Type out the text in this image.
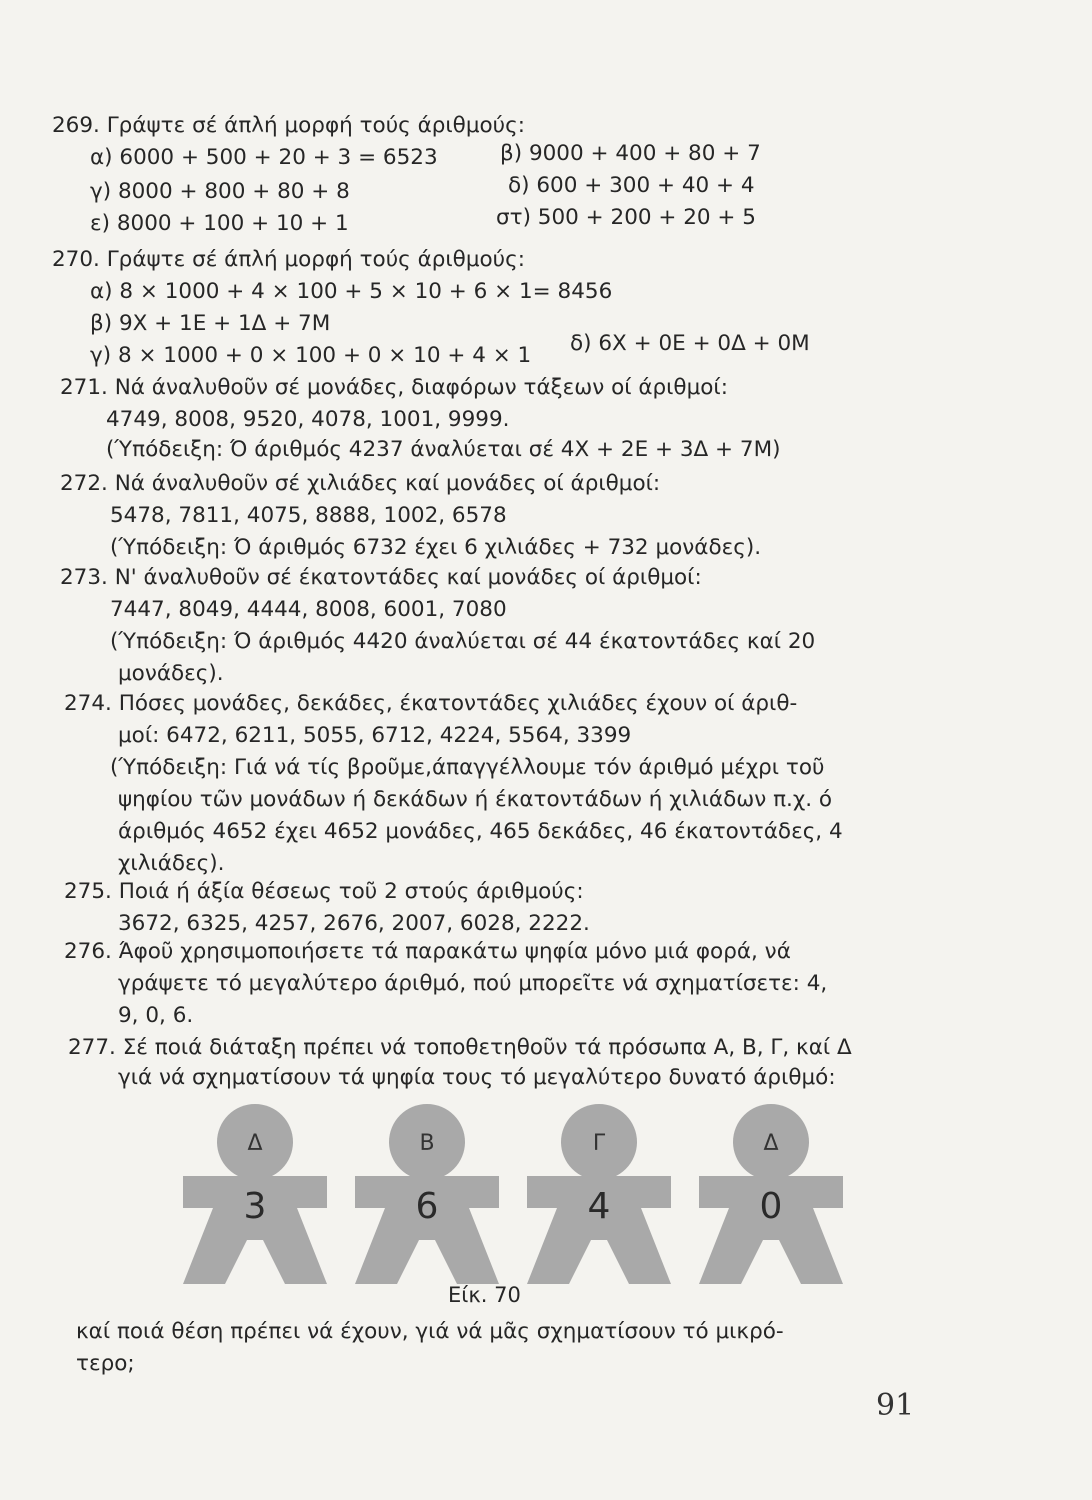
269. Γράψτε σέ άπλή μορφή τούς άριθμούς:
α) 6000 + 500 + 20 + 3 = 6523	β) 9000 + 400 + 80 + 7
γ) 8000 + 800 + 80 + 8	δ) 600 + 300 + 40 + 4
ε) 8000 + 100 + 10 + 1	στ) 500 + 200 + 20 + 5
270. Γράψτε σέ άπλή μορφή τούς άριθμούς:
α) 8 × 1000 + 4 × 100 + 5 × 10 + 6 × 1= 8456
β) 9Χ + 1Ε + 1Δ + 7Μ
γ) 8 × 1000 + 0 × 100 + 0 × 10 + 4 × 1 δ) 6Χ + 0Ε + 0Δ + 0Μ
271. Νά άναλυθοῦν σέ μονάδες, διαφόρων τάξεων οί άριθμοί:
4749, 8008, 9520, 4078, 1001, 9999.
(Ύπόδειξη: Ό άριθμός 4237 άναλύεται σέ 4Χ + 2Ε + 3Δ + 7Μ)
272. Νά άναλυθοῦν σέ χιλιάδες καί μονάδες οί άριθμοί:
5478, 7811, 4075, 8888, 1002, 6578
(Ύπόδειξη: Ό άριθμός 6732 έχει 6 χιλιάδες + 732 μονάδες).
273. Ν' άναλυθοῦν σέ έκατοντάδες καί μονάδες οί άριθμοί:
7447, 8049, 4444, 8008, 6001, 7080
(Ύπόδειξη: Ό άριθμός 4420 άναλύεται σέ 44 έκατοντάδες καί 20
μονάδες).
274. Πόσες μονάδες, δεκάδες, έκατοντάδες χιλιάδες έχουν οί άριθ-
μοί: 6472, 6211, 5055, 6712, 4224, 5564, 3399
(Ύπόδειξη: Γιά νά τίς βροῦμε,άπαγγέλλουμε τόν άριθμό μέχρι τοῦ
ψηφίου τῶν μονάδων ή δεκάδων ή έκατοντάδων ή χιλιάδων π.χ. ό
άριθμός 4652 έχει 4652 μονάδες, 465 δεκάδες, 46 έκατοντάδες, 4
χιλιάδες).
275. Ποιά ή άξία θέσεως τοῦ 2 στούς άριθμούς:
3672, 6325, 4257, 2676, 2007, 6028, 2222.
276. Άφοῦ χρησιμοποιήσετε τά παρακάτω ψηφία μόνο μιά φορά, νά
γράψετε τό μεγαλύτερο άριθμό, πού μπορεῖτε νά σχηματίσετε: 4,
9, 0, 6.
277. Σέ ποιά διάταξη πρέπει νά τοποθετηθοῦν τά πρόσωπα Α, Β, Γ, καί Δ
γιά νά σχηματίσουν τά ψηφία τους τό μεγαλύτερο δυνατό άριθμό:
Δ
3
Β
6
Γ
4
Δ
0
Είκ. 70
καί ποιά θέση πρέπει νά έχουν, γιά νά μᾶς σχηματίσουν τό μικρό-
τερο;
91
